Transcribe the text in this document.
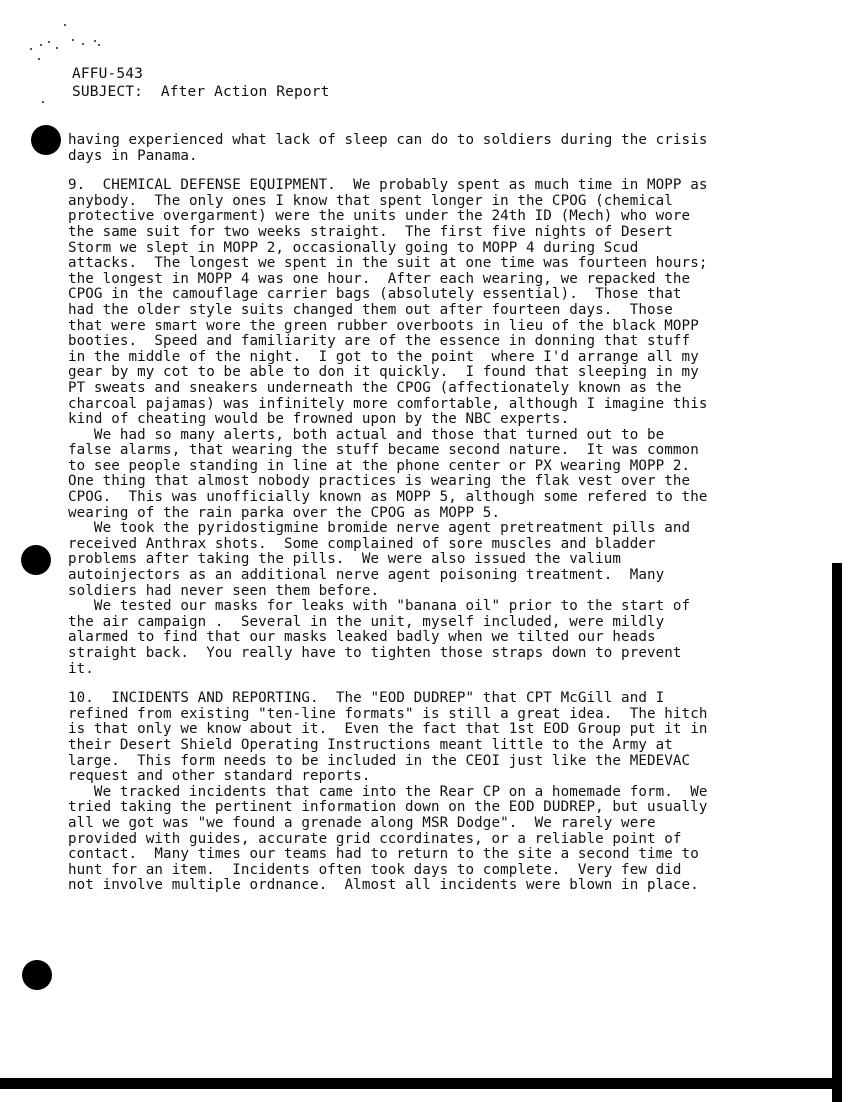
AFFU-543
SUBJECT: After Action Report
having experienced what lack of sleep can do to soldiers during the crisis
days in Panama.
9.  CHEMICAL DEFENSE EQUIPMENT.  We probably spent as much time in MOPP as
anybody.  The only ones I know that spent longer in the CPOG (chemical
protective overgarment) were the units under the 24th ID (Mech) who wore
the same suit for two weeks straight.  The first five nights of Desert
Storm we slept in MOPP 2, occasionally going to MOPP 4 during Scud
attacks.  The longest we spent in the suit at one time was fourteen hours;
the longest in MOPP 4 was one hour.  After each wearing, we repacked the
CPOG in the camouflage carrier bags (absolutely essential).  Those that
had the older style suits changed them out after fourteen days.  Those
that were smart wore the green rubber overboots in lieu of the black MOPP
booties.  Speed and familiarity are of the essence in donning that stuff
in the middle of the night.  I got to the point  where I'd arrange all my
gear by my cot to be able to don it quickly.  I found that sleeping in my
PT sweats and sneakers underneath the CPOG (affectionately known as the
charcoal pajamas) was infinitely more comfortable, although I imagine this
kind of cheating would be frowned upon by the NBC experts.
We had so many alerts, both actual and those that turned out to be
false alarms, that wearing the stuff became second nature.  It was common
to see people standing in line at the phone center or PX wearing MOPP 2.
One thing that almost nobody practices is wearing the flak vest over the
CPOG.  This was unofficially known as MOPP 5, although some refered to the
wearing of the rain parka over the CPOG as MOPP 5.
We took the pyridostigmine bromide nerve agent pretreatment pills and
received Anthrax shots.  Some complained of sore muscles and bladder
problems after taking the pills.  We were also issued the valium
autoinjectors as an additional nerve agent poisoning treatment.  Many
soldiers had never seen them before.
We tested our masks for leaks with "banana oil" prior to the start of
the air campaign .  Several in the unit, myself included, were mildly
alarmed to find that our masks leaked badly when we tilted our heads
straight back.  You really have to tighten those straps down to prevent
it.
10.  INCIDENTS AND REPORTING.  The "EOD DUDREP" that CPT McGill and I
refined from existing "ten-line formats" is still a great idea.  The hitch
is that only we know about it.  Even the fact that 1st EOD Group put it in
their Desert Shield Operating Instructions meant little to the Army at
large.  This form needs to be included in the CEOI just like the MEDEVAC
request and other standard reports.
We tracked incidents that came into the Rear CP on a homemade form.  We
tried taking the pertinent information down on the EOD DUDREP, but usually
all we got was "we found a grenade along MSR Dodge".  We rarely were
provided with guides, accurate grid ccordinates, or a reliable point of
contact.  Many times our teams had to return to the site a second time to
hunt for an item.  Incidents often took days to complete.  Very few did
not involve multiple ordnance.  Almost all incidents were blown in place.
